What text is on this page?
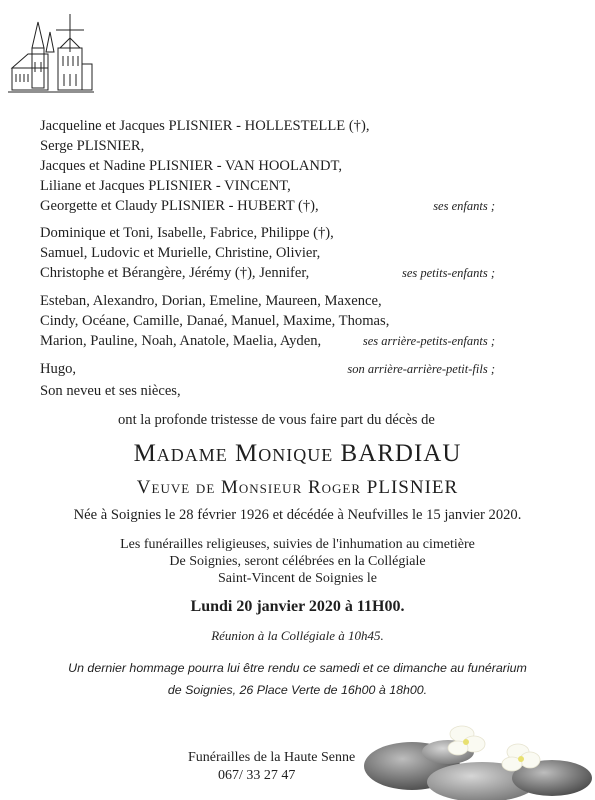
Jacqueline et Jacques PLISNIER - HOLLESTELLE (†),
Serge PLISNIER,
Jacques et Nadine PLISNIER - VAN HOOLANDT,
Liliane et Jacques PLISNIER - VINCENT,
Georgette et Claudy PLISNIER - HUBERT (†),	ses enfants ;
Dominique et Toni, Isabelle, Fabrice, Philippe (†),
Samuel, Ludovic et Murielle, Christine, Olivier,
Christophe et Bérangère, Jérémy (†), Jennifer,	ses petits-enfants ;
Esteban, Alexandro, Dorian, Emeline, Maureen, Maxence,
Cindy, Océane, Camille, Danaé, Manuel, Maxime, Thomas,
Marion, Pauline, Noah, Anatole, Maelia, Ayden,	ses arrière-petits-enfants ;
Hugo,	son arrière-arrière-petit-fils ;
Son neveu et ses nièces,
ont la profonde tristesse de vous faire part du décès de
Madame Monique BARDIAU
Veuve de Monsieur Roger PLISNIER
Née à Soignies le 28 février 1926 et décédée à Neufvilles le 15 janvier 2020.
Les funérailles religieuses, suivies de l'inhumation au cimetière
De Soignies, seront célébrées en la Collégiale
Saint-Vincent de Soignies le
Lundi 20 janvier 2020 à 11H00.
Réunion à la Collégiale à 10h45.
Un dernier hommage pourra lui être rendu ce samedi et ce dimanche au funérarium
de Soignies, 26 Place Verte de 16h00 à 18h00.
Funérailles de la Haute Senne
067/ 33 27 47
